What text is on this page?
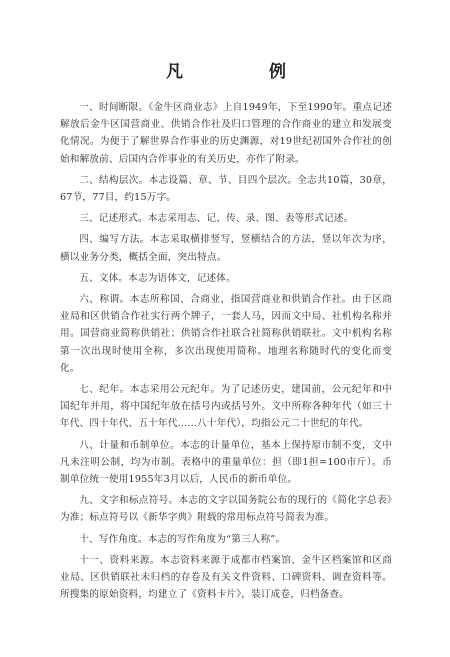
凡 例

一、时间断限。《金牛区商业志》上自1949年，下至1990年。重点记述解放后金牛区国营商业、供销合作社及归口管理的合作商业的建立和发展变化情况。为便于了解世界合作事业的历史渊源，对19世纪初国外合作社的创始和解放前、后国内合作事业的有关历史，亦作了附录。

二、结构层次。本志设篇、章、节、目四个层次。全志共10篇，30章，67节，77目，约15万字。

三、记述形式。本志采用志、记、传、录、图、表等形式记述。

四、编写方法。本志采取横排竖写，竖横结合的方法，竖以年次为序，横以业务分类，概括全面，突出特点。

五、文体。本志为语体文，记述体。

六、称谓。本志所称国、合商业，指国营商业和供销合作社。由于区商业局和区供销合作社实行两个牌子，一套人马，因而文中局、社机构名称并用。国营商业简称供销社；供销合作社联合社简称供销联社。文中机构名称第一次出现时使用全称，多次出现使用简称。地理名称随时代的变化而变化。

七、纪年。本志采用公元纪年。为了记述历史，建国前，公元纪年和中国纪年并用，将中国纪年放在括号内或括号外。文中所称各种年代（如三十年代、四十年代、五十年代……八十年代），均指公元二十世纪的年代。

八、计量和币制单位。本志的计量单位，基本上保持原市制不变，文中凡未注明公制，均为市制。表格中的重量单位：担（即1担=100市斤）。币制单位统一使用1955年3月以后，人民币的新币单位。

九、文字和标点符号。本志的文字以国务院公布的现行的《简化字总表》为准；标点符号以《新华字典》附载的常用标点符号简表为准。

十、写作角度。本志的写作角度为“第三人称”。

十一、资料来源。本志资料来源于成都市档案馆、金牛区档案馆和区商业局、区供销联社未归档的存卷及有关文件资料、口碑资料、调查资料等。所搜集的原始资料，均建立了《资料卡片》，装订成卷，归档备查。
